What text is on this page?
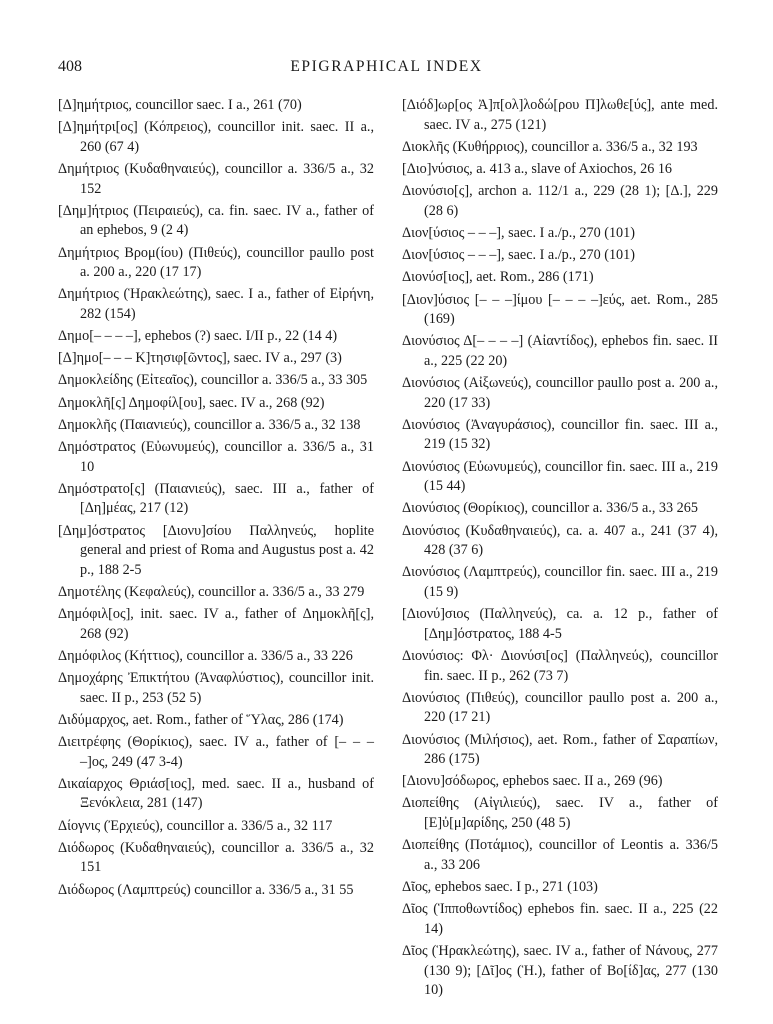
408	EPIGRAPHICAL INDEX

[Δ]ημήτριος, councillor saec. I a., 261 (70)

[Δ]ημήτρι[ος] (Κόπρειος), councillor init. saec. II a., 260 (67 4)

Δημήτριος (Κυδαθηναιεύς), councillor a. 336/5 a., 32 152

[Δημ]ήτριος (Πειραιεύς), ca. fin. saec. IV a., father of an ephebos, 9 (2 4)

Δημήτριος Βρομ(ίου) (Πιθεύς), councillor paullo post a. 200 a., 220 (17 17)

Δημήτριος (Ἡρακλεώτης), saec. I a., father of Εἰρήνη, 282 (154)

Δημο[– – – –], ephebos (?) saec. I/II p., 22 (14 4)

[Δ]ημο[– – – Κ]τησιφ[ῶντος], saec. IV a., 297 (3)

Δημοκλείδης (Εἰτεαῖος), councillor a. 336/5 a., 33 305

Δημοκλῆ[ς] Δημοφίλ[ου], saec. IV a., 268 (92)

Δημοκλῆς (Παιανιεύς), councillor a. 336/5 a., 32 138

Δημόστρατος (Εὐωνυμεύς), councillor a. 336/5 a., 31 10

Δημόστρατο[ς] (Παιανιεύς), saec. III a., father of [Δη]μέας, 217 (12)

[Δημ]όστρατος [Διονυ]σίου Παλληνεύς, hoplite general and priest of Roma and Augustus post a. 42 p., 188 2-5

Δημοτέλης (Κεφαλεύς), councillor a. 336/5 a., 33 279

Δημόφιλ[ος], init. saec. IV a., father of Δημοκλῆ[ς], 268 (92)

Δημόφιλος (Κήττιος), councillor a. 336/5 a., 33 226

Δημοχάρης Ἐπικτήτου (Ἀναφλύστιος), councillor init. saec. II p., 253 (52 5)

Διδύμαρχος, aet. Rom., father of Ὕλας, 286 (174)

Διειτρέφης (Θορίκιος), saec. IV a., father of [– – – –]ος, 249 (47 3-4)

Δικαίαρχος Θριάσ[ιος], med. saec. II a., husband of Ξενόκλεια, 281 (147)

Δίογνις (Ἐρχιεύς), councillor a. 336/5 a., 32 117

Διόδωρος (Κυδαθηναιεύς), councillor a. 336/5 a., 32 151

Διόδωρος (Λαμπτρεύς) councillor a. 336/5 a., 31 55

[Διόδ]ωρ[ος Ἀ]π[ολ]λοδώ[ρου Π]λωθε[ύς], ante med. saec. IV a., 275 (121)

Διοκλῆς (Κυθήρριος), councillor a. 336/5 a., 32 193

[Διο]νύσιος, a. 413 a., slave of Axiochos, 26 16

Διονύσιο[ς], archon a. 112/1 a., 229 (28 1); [Δ.], 229 (28 6)

Διον[ύσιος – – –], saec. I a./p., 270 (101)

Διον[ύσιος – – –], saec. I a./p., 270 (101)

Διονύσ[ιος], aet. Rom., 286 (171)

[Διον]ύσιος [– – –]ίμου [– – – –]εύς, aet. Rom., 285 (169)

Διονύσιος Δ[– – – –] (Αἰαντίδος), ephebos fin. saec. II a., 225 (22 20)

Διονύσιος (Αἰξωνεύς), councillor paullo post a. 200 a., 220 (17 33)

Διονύσιος (Ἀναγυράσιος), councillor fin. saec. III a., 219 (15 32)

Διονύσιος (Εὐωνυμεύς), councillor fin. saec. III a., 219 (15 44)

Διονύσιος (Θορίκιος), councillor a. 336/5 a., 33 265

Διονύσιος (Κυδαθηναιεύς), ca. a. 407 a., 241 (37 4), 428 (37 6)

Διονύσιος (Λαμπτρεύς), councillor fin. saec. III a., 219 (15 9)

[Διονύ]σιος (Παλληνεύς), ca. a. 12 p., father of [Δημ]όστρατος, 188 4-5

Διονύσιος: Φλ· Διονύσι[ος] (Παλληνεύς), councillor fin. saec. II p., 262 (73 7)

Διονύσιος (Πιθεύς), councillor paullo post a. 200 a., 220 (17 21)

Διονύσιος (Μιλήσιος), aet. Rom., father of Σαραπίων, 286 (175)

[Διονυ]σόδωρος, ephebos saec. II a., 269 (96)

Διοπείθης (Αἰγιλιεύς), saec. IV a., father of [Ε]ὐ[μ]αρίδης, 250 (48 5)

Διοπείθης (Ποτάμιος), councillor of Leontis a. 336/5 a., 33 206

Δῖος, ephebos saec. I p., 271 (103)

Δῖος (Ἱπποθωντίδος) ephebos fin. saec. II a., 225 (22 14)

Δῖος (Ἡρακλεώτης), saec. IV a., father of Νάνους, 277 (130 9); [Δῖ]ος (Ἡ.), father of Βο[ίδ]ας, 277 (130 10)
